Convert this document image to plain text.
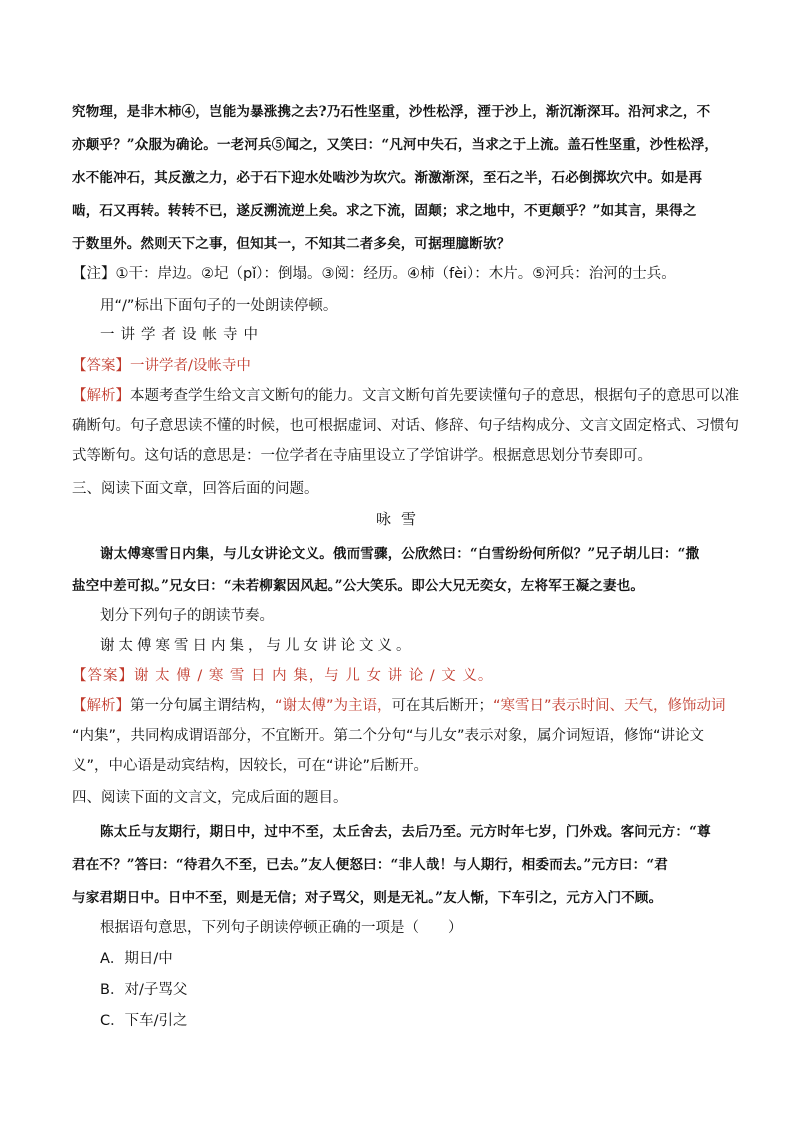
究物理，是非木柿④，岂能为暴涨携之去?乃石性坚重，沙性松浮，湮于沙上，渐沉渐深耳。沿河求之，不
亦颠乎？”众服为确论。一老河兵⑤闻之，又笑曰：“凡河中失石，当求之于上流。盖石性坚重，沙性松浮，
水不能冲石，其反激之力，必于石下迎水处啮沙为坎穴。渐激渐深，至石之半，石必倒掷坎穴中。如是再
啮，石又再转。转转不已，遂反溯流逆上矣。求之下流，固颠；求之地中，不更颠乎？”如其言，果得之
于数里外。然则天下之事，但知其一，不知其二者多矣，可据理臆断欤？
【注】①干：岸边。②圮（pǐ）：倒塌。③阅：经历。④柿（fèi）：木片。⑤河兵：治河的士兵。
用“/”标出下面句子的一处朗读停顿。
一讲学者设帐寺中
【答案】一讲学者/设帐寺中
【解析】本题考查学生给文言文断句的能力。文言文断句首先要读懂句子的意思，根据句子的意思可以准
确断句。句子意思读不懂的时候，也可根据虚词、对话、修辞、句子结构成分、文言文固定格式、习惯句
式等断句。这句话的意思是：一位学者在寺庙里设立了学馆讲学。根据意思划分节奏即可。
三、阅读下面文章，回答后面的问题。
咏雪
谢太傅寒雪日内集，与儿女讲论文义。俄而雪骤，公欣然曰：“白雪纷纷何所似？”兄子胡儿曰：“撒
盐空中差可拟。”兄女曰：“未若柳絮因风起。”公大笑乐。即公大兄无奕女，左将军王凝之妻也。
划分下列句子的朗读节奏。
谢太傅寒雪日内集，与儿女讲论文义。
【答案】谢 太 傅 / 寒 雪 日 内 集，与 儿 女 讲 论 / 文 义。
【解析】第一分句属主谓结构，“谢太傅”为主语，可在其后断开；“寒雪日”表示时间、天气，修饰动词
“内集”，共同构成谓语部分，不宜断开。第二个分句“与儿女”表示对象，属介词短语，修饰“讲论文
义”，中心语是动宾结构，因较长，可在“讲论”后断开。
四、阅读下面的文言文，完成后面的题目。
陈太丘与友期行，期日中，过中不至，太丘舍去，去后乃至。元方时年七岁，门外戏。客问元方：“尊
君在不？”答曰：“待君久不至，已去。”友人便怒曰：“非人哉！与人期行，相委而去。”元方曰：“君
与家君期日中。日中不至，则是无信；对子骂父，则是无礼。”友人惭，下车引之，元方入门不顾。
根据语句意思，下列句子朗读停顿正确的一项是（　　）
A．期日/中
B．对/子骂父
C．下车/引之
